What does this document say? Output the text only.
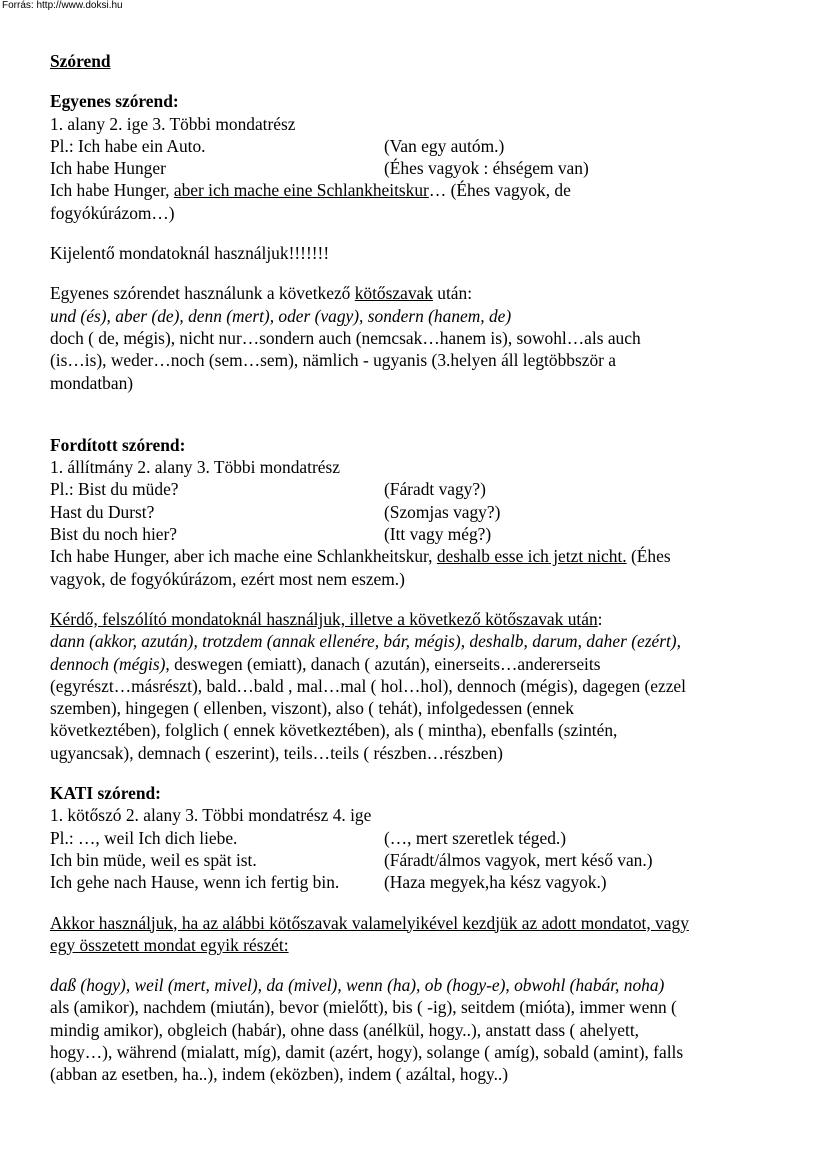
Forrás: http://www.doksi.hu
Szórend
Egyenes szórend:
1. alany 2. ige 3. Többi mondatrész
Pl.: Ich habe ein Auto.	(Van egy autóm.)
Ich habe Hunger	(Éhes vagyok : éhségem van)
Ich habe Hunger, aber ich mache eine Schlankheitskur… (Éhes vagyok, de
fogyókúrázom…)
Kijelentő mondatoknál használjuk!!!!!!!
Egyenes szórendet használunk a következő kötőszavak után:
und (és), aber (de), denn (mert), oder (vagy), sondern (hanem, de)
doch ( de, mégis), nicht nur…sondern auch (nemcsak…hanem is), sowohl…als auch
(is…is), weder…noch (sem…sem), nämlich - ugyanis (3.helyen áll legtöbbször a
mondatban)
Fordított szórend:
1. állítmány 2. alany 3. Többi mondatrész
Pl.: Bist du müde?	(Fáradt vagy?)
Hast du Durst?	(Szomjas vagy?)
Bist du noch hier?	(Itt vagy még?)
Ich habe Hunger, aber ich mache eine Schlankheitskur, deshalb esse ich jetzt nicht. (Éhes
vagyok, de fogyókúrázom, ezért most nem eszem.)
Kérdő, felszólító mondatoknál használjuk, illetve a következő kötőszavak után:
dann (akkor, azután), trotzdem (annak ellenére, bár, mégis), deshalb, darum, daher (ezért),
dennoch (mégis), deswegen (emiatt), danach ( azután), einerseits…andererseits
(egyrészt…másrészt), bald…bald , mal…mal ( hol…hol), dennoch (mégis), dagegen (ezzel
szemben), hingegen ( ellenben, viszont), also ( tehát), infolgedessen (ennek
következtében), folglich ( ennek következtében), als ( mintha), ebenfalls (szintén,
ugyancsak), demnach ( eszerint), teils…teils ( részben…részben)
KATI szórend:
1. kötőszó 2. alany 3. Többi mondatrész 4. ige
Pl.: …, weil Ich dich liebe.	(…, mert szeretlek téged.)
Ich bin müde, weil es spät ist.	(Fáradt/álmos vagyok, mert késő van.)
Ich gehe nach Hause, wenn ich fertig bin.	(Haza megyek,ha kész vagyok.)
Akkor használjuk, ha az alábbi kötőszavak valamelyikével kezdjük az adott mondatot, vagy
egy összetett mondat egyik részét:
daß (hogy), weil (mert, mivel), da (mivel), wenn (ha), ob (hogy-e), obwohl (habár, noha)
als (amikor), nachdem (miután), bevor (mielőtt), bis ( -ig), seitdem (mióta), immer wenn (
mindig amikor), obgleich (habár), ohne dass (anélkül, hogy..), anstatt dass ( ahelyett,
hogy…), während (mialatt, míg), damit (azért, hogy), solange ( amíg), sobald (amint), falls
(abban az esetben, ha..), indem (eközben), indem ( azáltal, hogy..)
